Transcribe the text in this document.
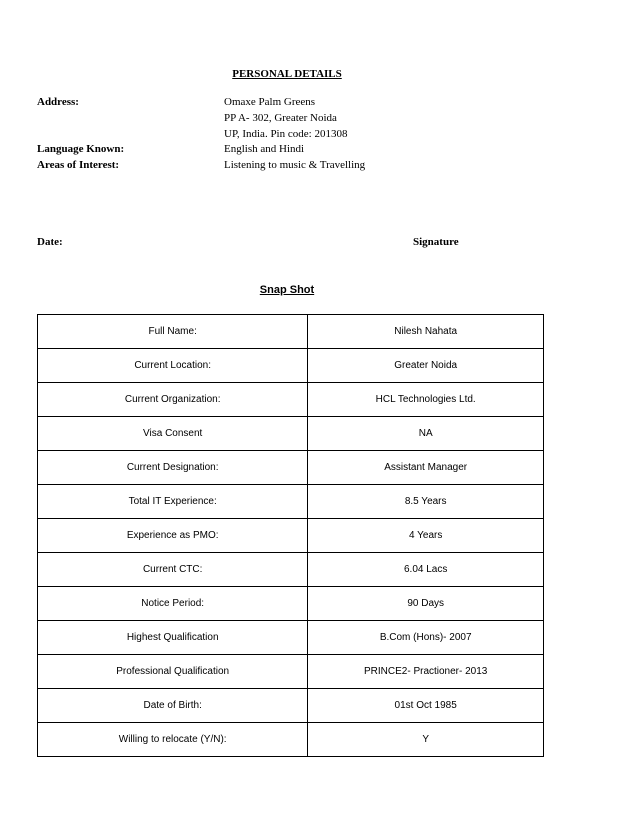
PERSONAL DETAILS
Address:	Omaxe Palm Greens
PP A- 302, Greater Noida
UP, India. Pin code: 201308
Language Known:	English and Hindi
Areas of Interest:	Listening to music & Travelling
Date:	Signature
Snap Shot
Full Name:	Nilesh Nahata
Current Location:	Greater Noida
Current Organization:	HCL Technologies Ltd.
Visa Consent	NA
Current Designation:	Assistant Manager
Total IT Experience:	8.5 Years
Experience as PMO:	4 Years
Current CTC:	6.04 Lacs
Notice Period:	90 Days
Highest Qualification	B.Com (Hons)- 2007
Professional Qualification	PRINCE2- Practioner- 2013
Date of Birth:	01st Oct 1985
Willing to relocate (Y/N):	Y
